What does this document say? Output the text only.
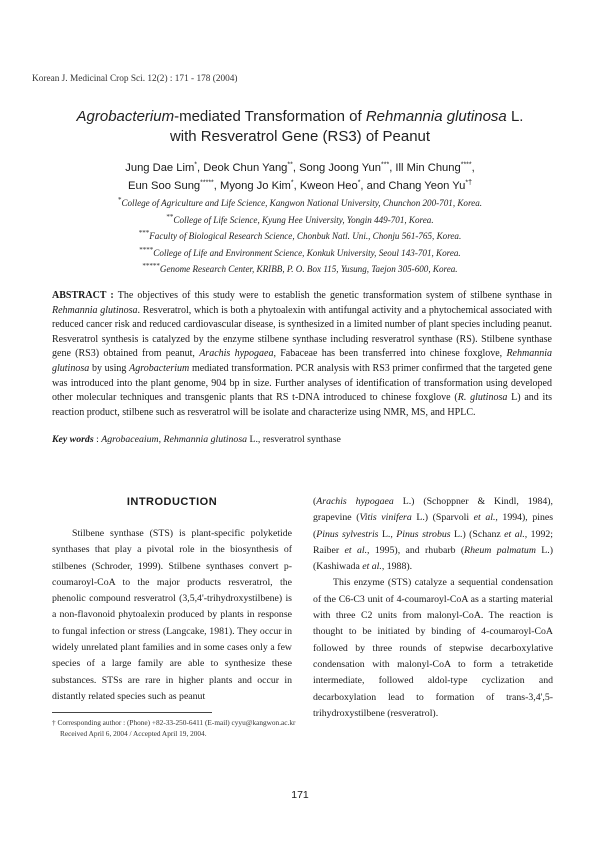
Korean J. Medicinal Crop Sci. 12(2) : 171 - 178 (2004)
Agrobacterium-mediated Transformation of Rehmannia glutinosa L.
with Resveratrol Gene (RS3) of Peanut
Jung Dae Lim*, Deok Chun Yang**, Song Joong Yun***, Ill Min Chung****,
Eun Soo Sung*****, Myong Jo Kim*, Kweon Heo*, and Chang Yeon Yu*†
*College of Agriculture and Life Science, Kangwon National University, Chunchon 200-701, Korea.
**College of Life Science, Kyung Hee University, Yongin 449-701, Korea.
***Faculty of Biological Research Science, Chonbuk Natl. Uni., Chonju 561-765, Korea.
****College of Life and Environment Science, Konkuk University, Seoul 143-701, Korea.
*****Genome Research Center, KRIBB, P. O. Box 115, Yusung, Taejon 305-600, Korea.
ABSTRACT : The objectives of this study were to establish the genetic transformation system of stilbene synthase in Rehmannia glutinosa. Resveratrol, which is both a phytoalexin with antifungal activity and a phytochemical associated with reduced cancer risk and reduced cardiovascular disease, is synthesized in a limited number of plant species including peanut. Resveratrol synthesis is catalyzed by the enzyme stilbene synthase including resveratrol synthase (RS). Stilbene synthase gene (RS3) obtained from peanut, Arachis hypogaea, Fabaceae has been transferred into chinese foxglove, Rehmannia glutinosa by using Agrobacterium mediated transformation. PCR analysis with RS3 primer confirmed that the targeted gene was introduced into the plant genome, 904 bp in size. Further analyses of identification of transformation using developed other molecular techniques and transgenic plants that RS t-DNA introduced to chinese foxglove (R. glutinosa L) and its reaction product, stilbene such as resveratrol will be isolate and characterize using NMR, MS, and HPLC.
Key words : Agrobaceaium, Rehmannia glutinosa L., resveratrol synthase
INTRODUCTION

Stilbene synthase (STS) is plant-specific polyketide synthases that play a pivotal role in the biosynthesis of stilbenes (Schroder, 1999). Stilbene synthases convert p-coumaroyl-CoA to the major products resveratrol, the phenolic compound resveratrol (3,5,4'-trihydroxystilbene) is a non-flavonoid phytoalexin produced by plants in response to fungal infection or stress (Langcake, 1981). They occur in widely unrelated plant families and in some cases only a few species of a large family are able to synthesize these substances. STSs are rare in higher plants and occur in distantly related species such as peanut

(Arachis hypogaea L.) (Schoppner & Kindl, 1984), grapevine (Vitis vinifera L.) (Sparvoli et al., 1994), pines (Pinus sylvestris L., Pinus strobus L.) (Schanz et al., 1992; Raiber et al., 1995), and rhubarb (Rheum palmatum L.) (Kashiwada et al., 1988).

This enzyme (STS) catalyze a sequential condensation of the C6-C3 unit of 4-coumaroyl-CoA as a starting material with three C2 units from malonyl-CoA. The reaction is thought to be initiated by binding of 4-coumaroyl-CoA followed by three rounds of stepwise decarboxylative condensation with malonyl-CoA to form a tetraketide intermediate, followed aldol-type cyclization and decarboxylation lead to formation of trans-3,4',5-trihydroxystilbene (resveratrol).

† Corresponding author : (Phone) +82-33-250-6411 (E-mail) cyyu@kangwon.ac.kr
Received April 6, 2004 / Accepted April 19, 2004.
171
